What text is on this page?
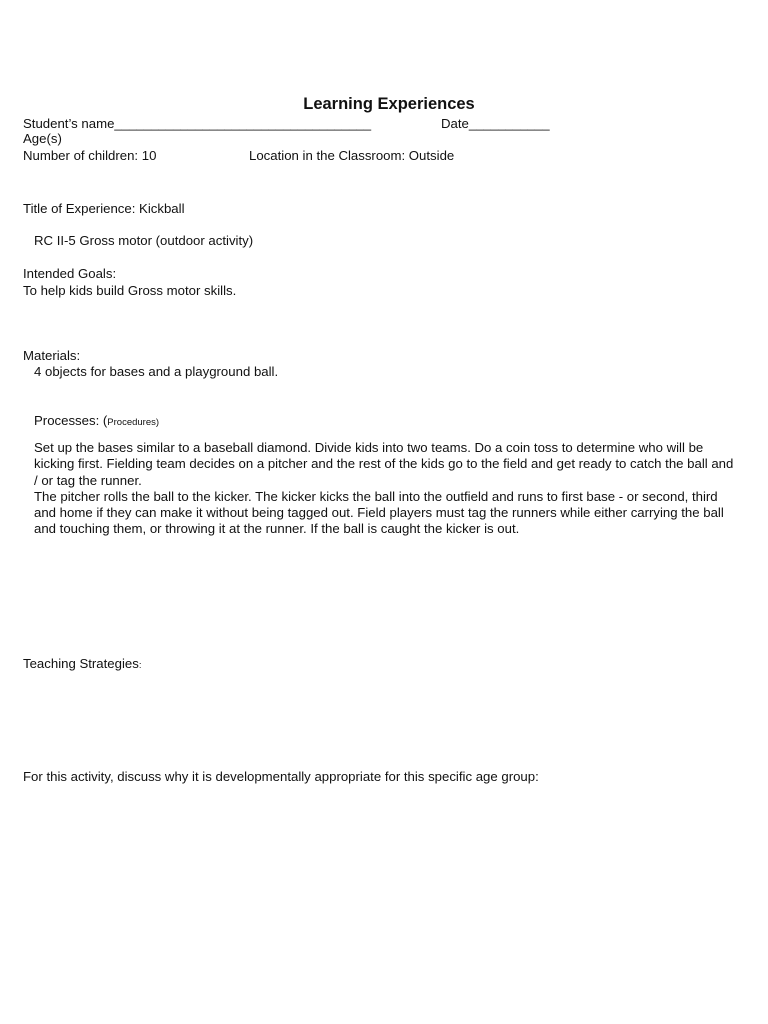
Learning Experiences
Student’s name___________________________________	Date___________
Age(s)
Number of children: 10	Location in the Classroom: Outside
Title of Experience: Kickball
RC II-5 Gross motor (outdoor activity)
Intended Goals:
To help kids build Gross motor skills.
Materials:
4 objects for bases and a playground ball.
Processes: (Procedures)

Set up the bases similar to a baseball diamond. Divide kids into two teams. Do a coin toss to determine who will be kicking first. Fielding team decides on a pitcher and the rest of the kids go to the field and get ready to catch the ball and / or tag the runner.

The pitcher rolls the ball to the kicker. The kicker kicks the ball into the outfield and runs to first base - or second, third and home if they can make it without being tagged out. Field players must tag the runners while either carrying the ball and touching them, or throwing it at the runner. If the ball is caught the kicker is out.

Teaching Strategies:
For this activity, discuss why it is developmentally appropriate for this specific age group:
